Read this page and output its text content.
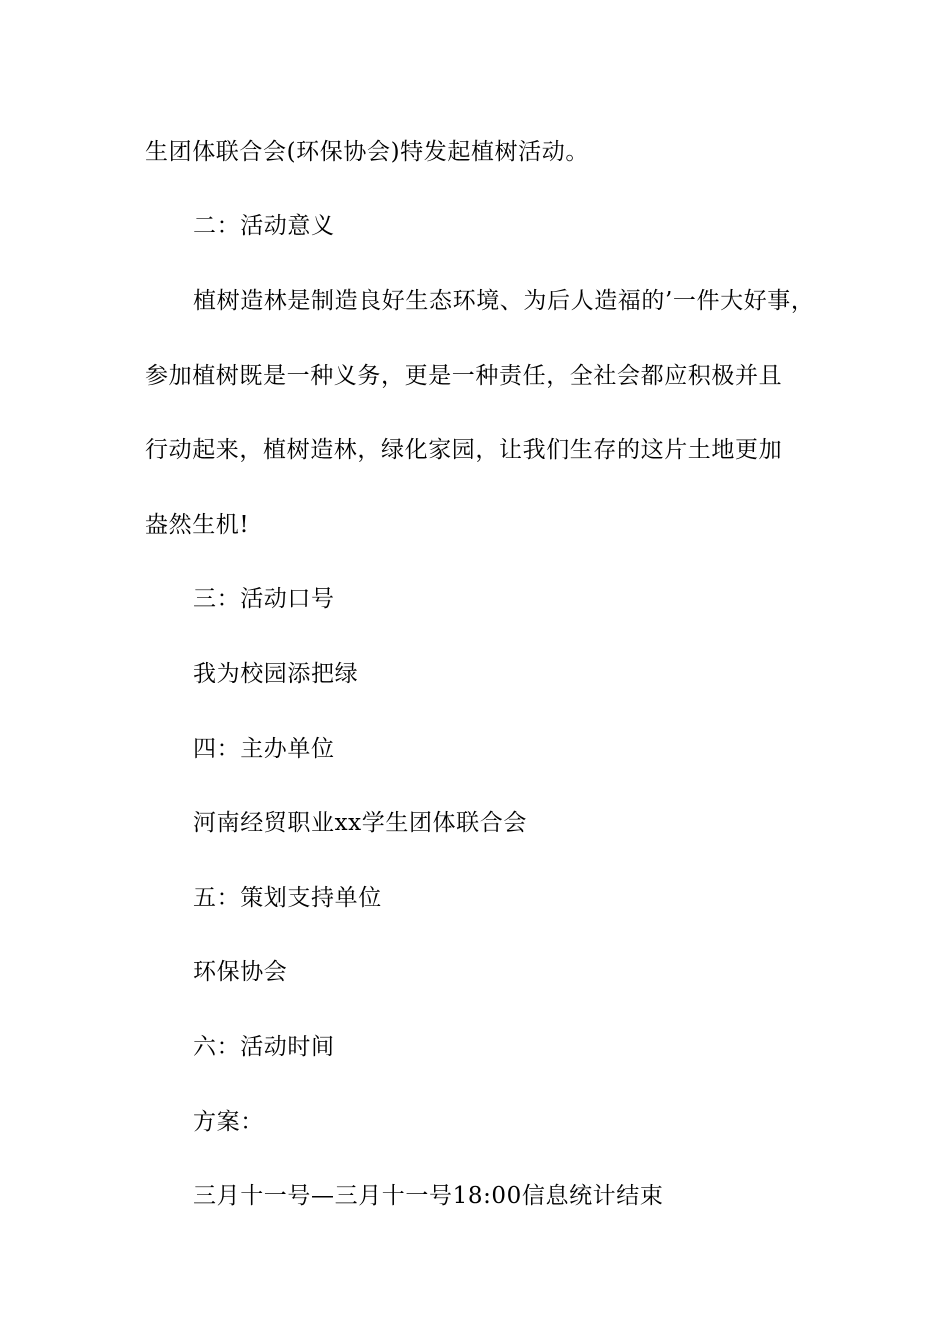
生团体联合会(环保协会)特发起植树活动。
二：活动意义
植树造林是制造良好生态环境、为后人造福的’一件大好事，
参加植树既是一种义务，更是一种责任，全社会都应积极并且
行动起来，植树造林，绿化家园，让我们生存的这片土地更加
盎然生机!
三：活动口号
我为校园添把绿
四：主办单位
河南经贸职业xx学生团体联合会
五：策划支持单位
环保协会
六：活动时间
方案：
三月十一号—三月十一号18:00信息统计结束
